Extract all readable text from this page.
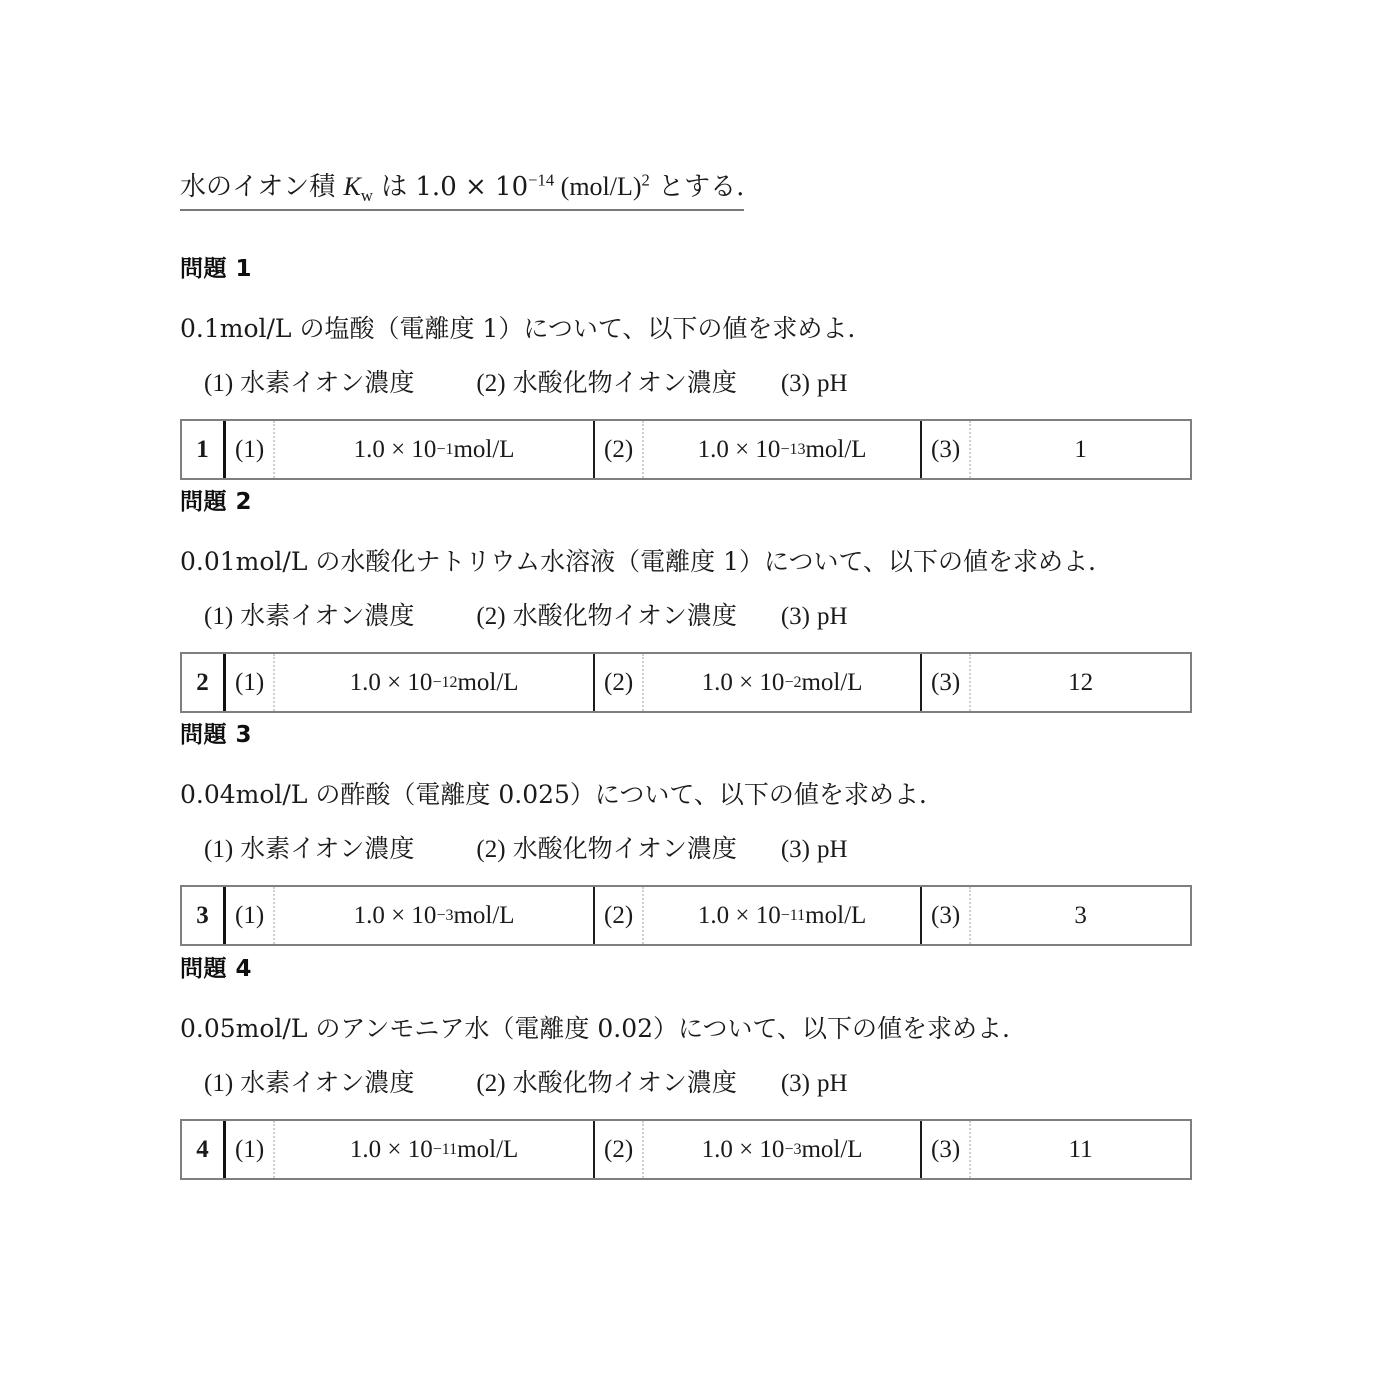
水のイオン積 $K_w$ は $1.0 \times 10^{-14}$ $(mol/L)^2$ とする.
問題 1
0.1mol/L の塩酸（電離度 1）について、以下の値を求めよ.
(1) 水素イオン濃度 (2) 水酸化物イオン濃度 (3) pH
1	(1)	1.0 × 10 −1 mol/L	(2)	1.0 × 10 −13 mol/L	(3)	1
問題 2
0.01mol/L の水酸化ナトリウム水溶液（電離度 1）について、以下の値を求めよ.
(1) 水素イオン濃度 (2) 水酸化物イオン濃度 (3) pH
2	(1)	1.0 × 10 −12 mol/L	(2)	1.0 × 10 −2 mol/L	(3)	12
問題 3
0.04mol/L の酢酸（電離度 0.025）について、以下の値を求めよ.
(1) 水素イオン濃度 (2) 水酸化物イオン濃度 (3) pH
3	(1)	1.0 × 10 −3 mol/L	(2)	1.0 × 10 −11 mol/L	(3)	3
問題 4
0.05mol/L のアンモニア水（電離度 0.02）について、以下の値を求めよ.
(1) 水素イオン濃度 (2) 水酸化物イオン濃度 (3) pH
4	(1)	1.0 × 10 −11 mol/L	(2)	1.0 × 10 −3 mol/L	(3)	11
